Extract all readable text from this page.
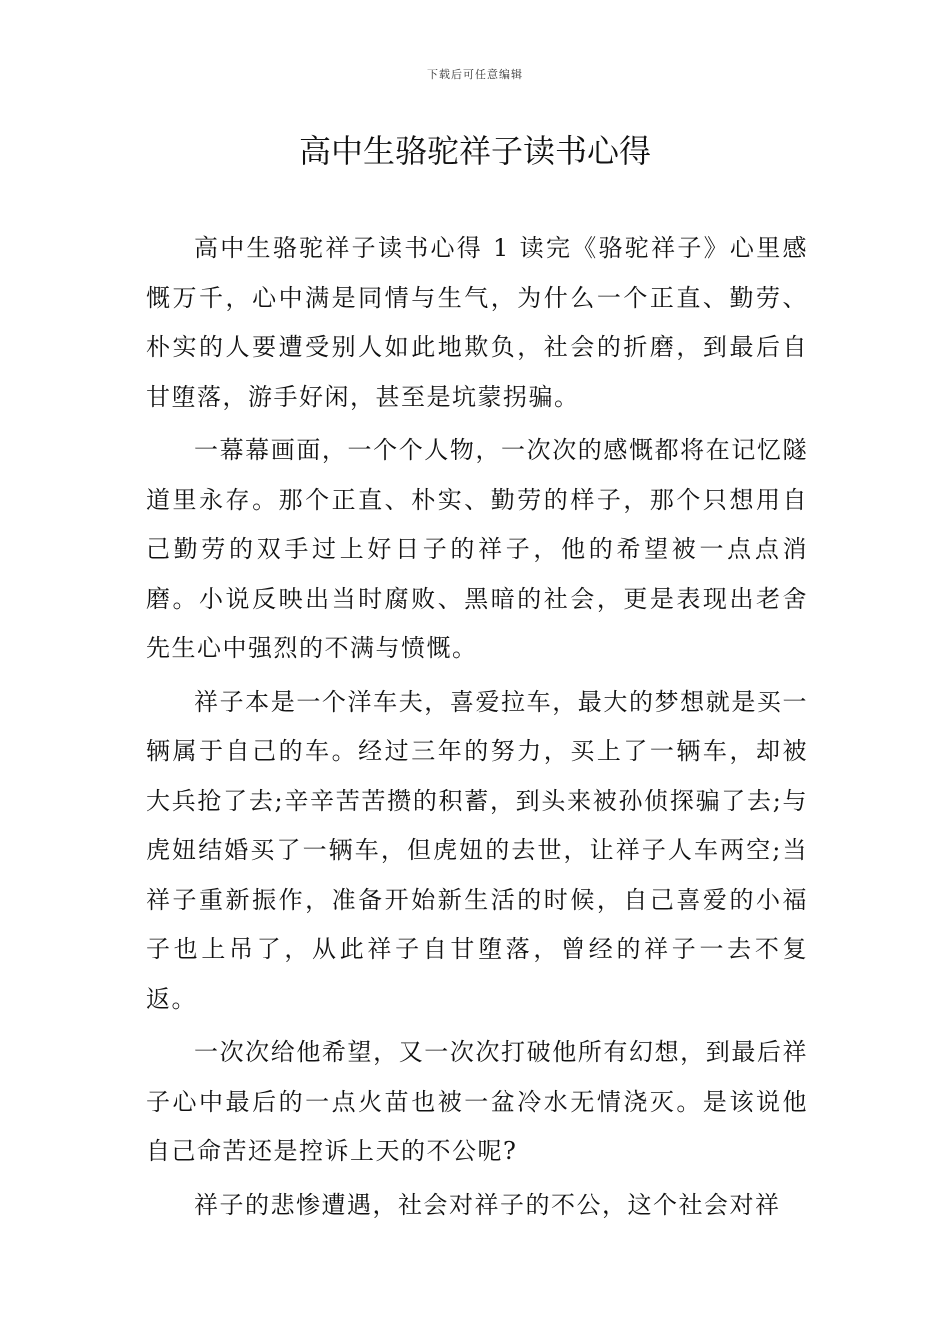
下载后可任意编辑
高中生骆驼祥子读书心得

高中生骆驼祥子读书心得 1 读完《骆驼祥子》心里感慨万千，心中满是同情与生气，为什么一个正直、勤劳、朴实的人要遭受别人如此地欺负，社会的折磨，到最后自甘堕落，游手好闲，甚至是坑蒙拐骗。

一幕幕画面，一个个人物，一次次的感慨都将在记忆隧道里永存。那个正直、朴实、勤劳的样子，那个只想用自己勤劳的双手过上好日子的祥子，他的希望被一点点消磨。小说反映出当时腐败、黑暗的社会，更是表现出老舍先生心中强烈的不满与愤慨。

祥子本是一个洋车夫，喜爱拉车，最大的梦想就是买一辆属于自己的车。经过三年的努力，买上了一辆车，却被大兵抢了去;辛辛苦苦攒的积蓄，到头来被孙侦探骗了去;与虎妞结婚买了一辆车，但虎妞的去世，让祥子人车两空;当祥子重新振作，准备开始新生活的时候，自己喜爱的小福子也上吊了，从此祥子自甘堕落，曾经的祥子一去不复返。

一次次给他希望，又一次次打破他所有幻想，到最后祥子心中最后的一点火苗也被一盆冷水无情浇灭。是该说他自己命苦还是控诉上天的不公呢?

祥子的悲惨遭遇，社会对祥子的不公，这个社会对祥
